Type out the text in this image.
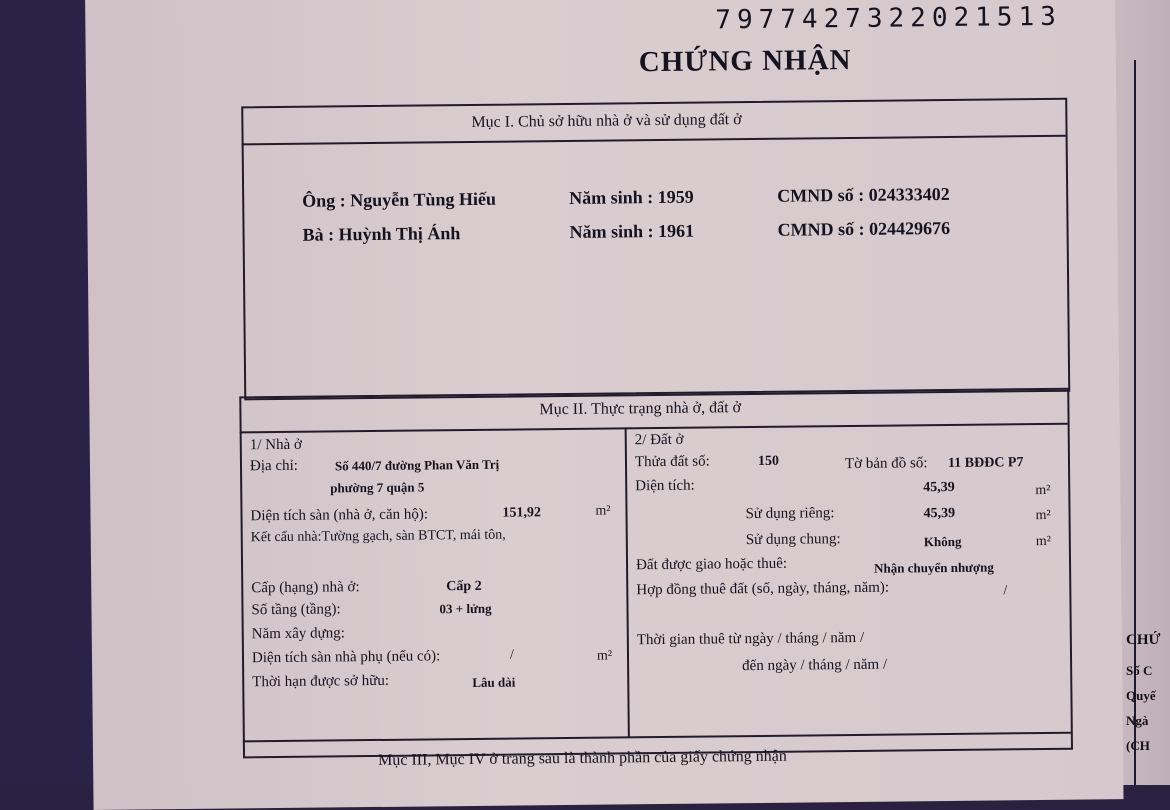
CHỨ
Số C
Quyế
Ngà
(CH
7977427322021513
CHỨNG NHẬN
Mục I. Chủ sở hữu nhà ở và sử dụng đất ở
Ông : Nguyễn Tùng Hiếu	Năm sinh : 1959	CMND số : 024333402
Bà : Huỳnh Thị Ánh	Năm sinh : 1961	CMND số : 024429676
Mục II. Thực trạng nhà ở, đất ở
1/ Nhà ở
Địa chỉ:	Số 440/7 đường Phan Văn Trị
phường 7 quận 5
Diện tích sàn (nhà ở, căn hộ):	151,92	m²
Kết cấu nhà:Tường gạch, sàn BTCT, mái tôn,
Cấp (hạng) nhà ở:	Cấp 2
Số tầng (tầng):	03 + lửng
Năm xây dựng:
Diện tích sàn nhà phụ (nếu có):	/	m²
Thời hạn được sở hữu:	Lâu dài
2/ Đất ở
Thửa đất số:	150	Tờ bản đồ số: 11 BĐĐC P7
Diện tích:	45,39	m²
Sử dụng riêng:	45,39	m²
Sử dụng chung:	Không	m²
Đất được giao hoặc thuê:	Nhận chuyển nhượng
Hợp đồng thuê đất (số, ngày, tháng, năm):	/
Thời gian thuê từ ngày / tháng / năm /
đến ngày / tháng / năm /
Mục III, Mục IV ở trang sau là thành phần của giấy chứng nhận
